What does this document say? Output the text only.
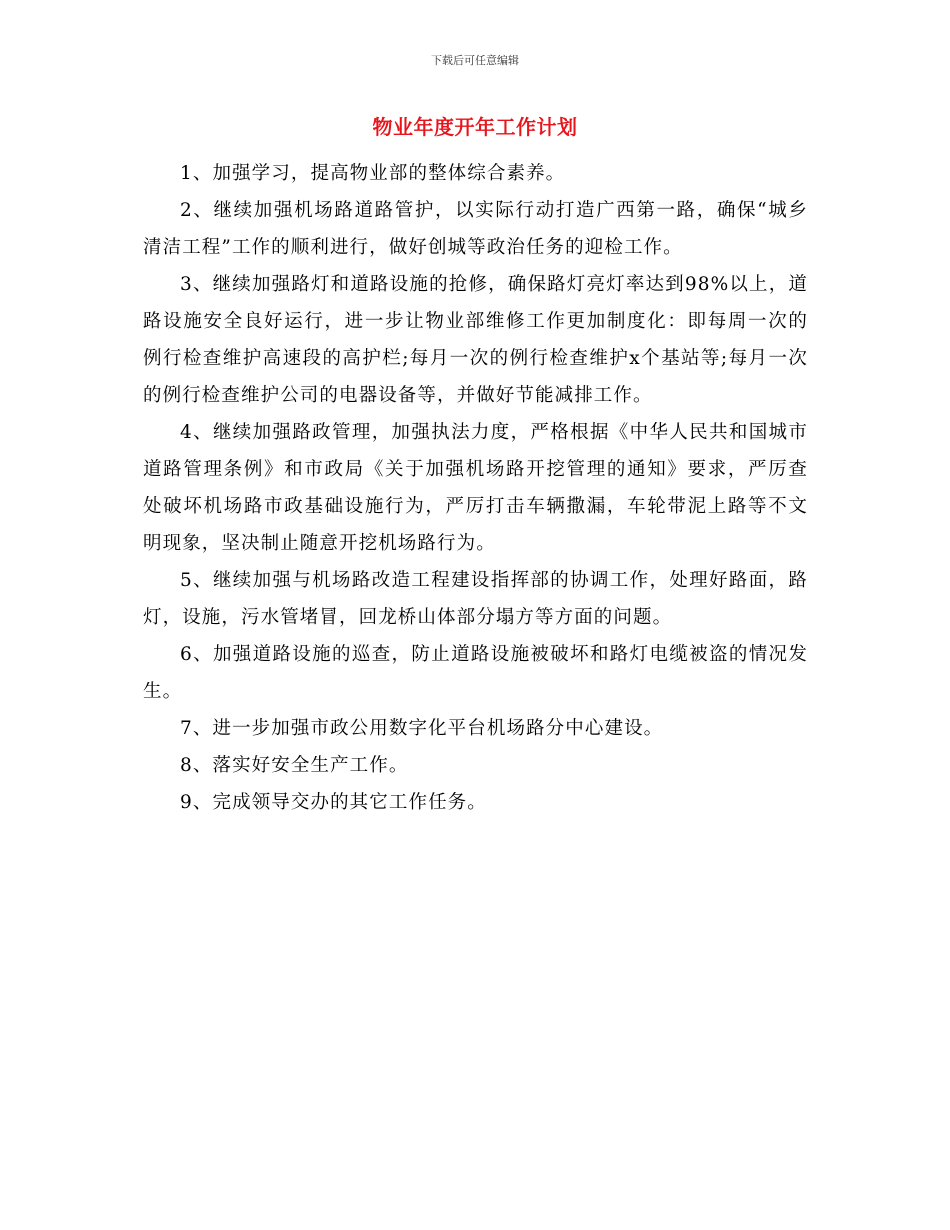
下载后可任意编辑
物业年度开年工作计划

1、加强学习，提高物业部的整体综合素养。

2、继续加强机场路道路管护，以实际行动打造广西第一路，确保“城乡清洁工程”工作的顺利进行，做好创城等政治任务的迎检工作。

3、继续加强路灯和道路设施的抢修，确保路灯亮灯率达到98%以上，道路设施安全良好运行，进一步让物业部维修工作更加制度化：即每周一次的例行检查维护高速段的高护栏;每月一次的例行检查维护x个基站等;每月一次的例行检查维护公司的电器设备等，并做好节能减排工作。

4、继续加强路政管理，加强执法力度，严格根据《中华人民共和国城市道路管理条例》和市政局《关于加强机场路开挖管理的通知》要求，严厉查处破坏机场路市政基础设施行为，严厉打击车辆撒漏，车轮带泥上路等不文明现象，坚决制止随意开挖机场路行为。

5、继续加强与机场路改造工程建设指挥部的协调工作，处理好路面，路灯，设施，污水管堵冒，回龙桥山体部分塌方等方面的问题。

6、加强道路设施的巡查，防止道路设施被破坏和路灯电缆被盗的情况发生。

7、进一步加强市政公用数字化平台机场路分中心建设。

8、落实好安全生产工作。

9、完成领导交办的其它工作任务。
